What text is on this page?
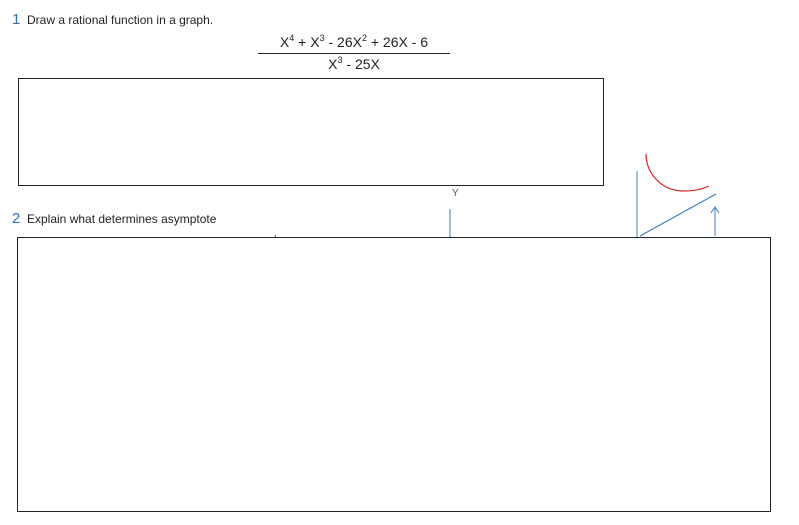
1 Draw a rational function in a graph.
$X^4 + X^3 - 26X^2 + 26X - 6$
$X^3 - 25X$
Y
2 Explain what determines asymptote
